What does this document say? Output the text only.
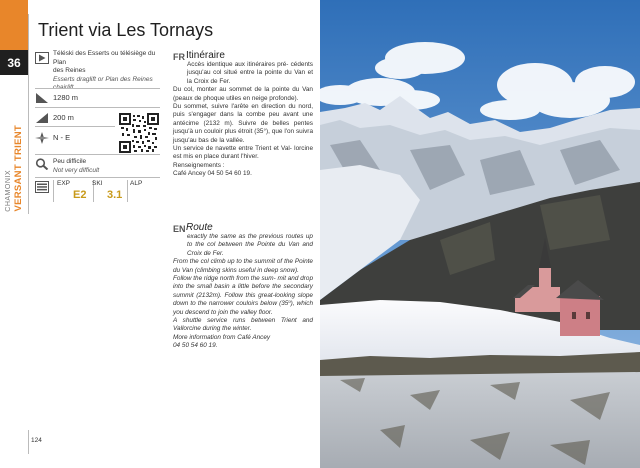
36
CHAMONIX VERSANT TRIENT
Trient via Les Tornays
Téléski des Esserts ou télésiège du Plan
des Reines
Esserts draglift or Plan des Reines
1280 m
200 m
N - E
Peu difficile
Not very difficult
EXP	SKI	ALP
E2 3.1
FR Itinéraire

Accès identique aux itinéraires pré- cédents jusqu'au col situé entre la pointe du Van et la Croix de Fer.

Du col, monter au sommet de la pointe du Van (peaux de phoque utiles en neige profonde).

Du sommet, suivre l'arête en direction du nord, puis s'engager dans la combe peu avant une antécime (2132 m). Suivre de belles pentes jusqu'à un couloir plus étroit (35°), que l'on suivra jusqu'au bas de la vallée.

Un service de navette entre Trient et Val- lorcine est mis en place durant l'hiver.

Renseignements :

Café Ancey 04 50 54 60 19.

EN Route

exactly the same as the previous routes up to the col between the Pointe du Van and Croix de Fer.

From the col climb up to the summit of the Pointe du Van (climbing skins useful in deep snow).

Follow the ridge north from the sum- mit and drop into the small basin a little before the secondary summit (2132m). Follow this great-looking slope down to the narrower couloirs below (35º), which you descend to join the valley floor.

A shuttle service runs between Trient and Vallorcine during the winter.

More information from Café Ancey

04 50 54 60 19.

124
